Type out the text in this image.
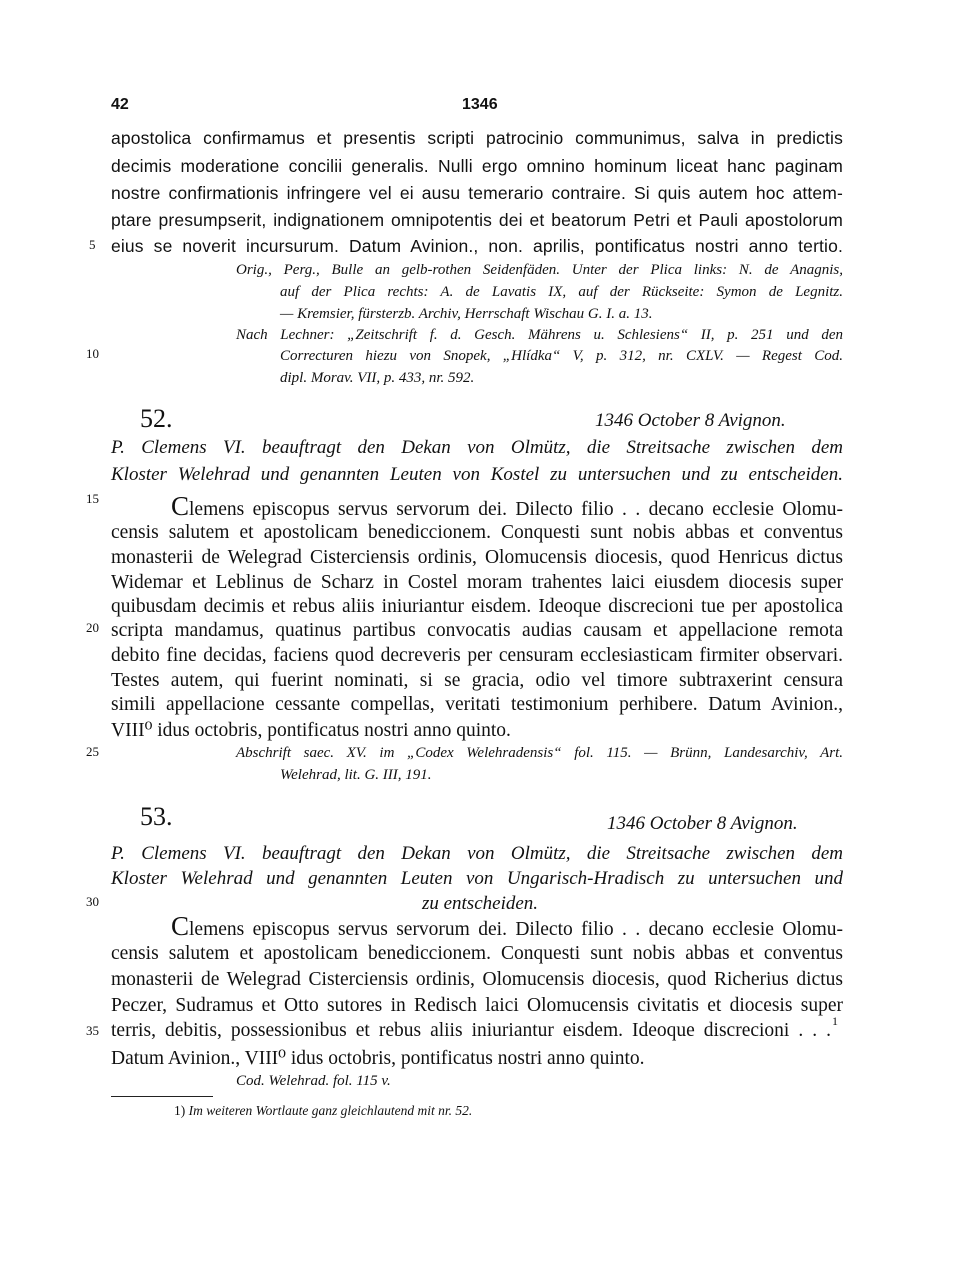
42	1346
5
10
15
20
25
30
35
apostolica confirmamus et presentis scripti patrocinio communimus, salva in predictis
decimis moderatione concilii generalis. Nulli ergo omnino hominum liceat hanc paginam
nostre confirmationis infringere vel ei ausu temerario contraire. Si quis autem hoc attem-
ptare presumpserit, indignationem omnipotentis dei et beatorum Petri et Pauli apostolorum
eius se noverit incursurum. Datum Avinion., non. aprilis, pontificatus nostri anno tertio.
Orig., Perg., Bulle an gelb-rothen Seidenfäden. Unter der Plica links: N. de Anagnis,
auf der Plica rechts: A. de Lavatis IX, auf der Rückseite: Symon de Legnitz.
— Kremsier, fürsterzb. Archiv, Herrschaft Wischau G. I. a. 13.
Nach Lechner: „Zeitschrift f. d. Gesch. Mährens u. Schlesiens“ II, p. 251 und den
Correcturen hiezu von Snopek, „Hlídka“ V, p. 312, nr. CXLV. — Regest Cod.
dipl. Morav. VII, p. 433, nr. 592.
52.	1346 October 8 Avignon.
P. Clemens VI. beauftragt den Dekan von Olmütz, die Streitsache zwischen dem
Kloster Welehrad und genannten Leuten von Kostel zu untersuchen und zu entscheiden.
Clemens episcopus servus servorum dei. Dilecto filio . . decano ecclesie Olomu-
censis salutem et apostolicam benediccionem. Conquesti sunt nobis abbas et conventus
monasterii de Welegrad Cisterciensis ordinis, Olomucensis diocesis, quod Henricus dictus
Widemar et Leblinus de Scharz in Costel moram trahentes laici eiusdem diocesis super
quibusdam decimis et rebus aliis iniuriantur eisdem. Ideoque discrecioni tue per apostolica
scripta mandamus, quatinus partibus convocatis audias causam et appellacione remota
debito fine decidas, faciens quod decreveris per censuram ecclesiasticam firmiter observari.
Testes autem, qui fuerint nominati, si se gracia, odio vel timore subtraxerint censura
simili appellacione cessante compellas, veritati testimonium perhibere. Datum Avinion.,
VIII⁰ idus octobris, pontificatus nostri anno quinto.
Abschrift saec. XV. im „Codex Welehradensis“ fol. 115. — Brünn, Landesarchiv, Art.
Welehrad, lit. G. III, 191.
53.	1346 October 8 Avignon.
P. Clemens VI. beauftragt den Dekan von Olmütz, die Streitsache zwischen dem
Kloster Welehrad und genannten Leuten von Ungarisch-Hradisch zu untersuchen und
zu entscheiden.
Clemens episcopus servus servorum dei. Dilecto filio . . decano ecclesie Olomu-
censis salutem et apostolicam benediccionem. Conquesti sunt nobis abbas et conventus
monasterii de Welegrad Cisterciensis ordinis, Olomucensis diocesis, quod Richerius dictus
Peczer, Sudramus et Otto sutores in Redisch laici Olomucensis civitatis et diocesis super
terris, debitis, possessionibus et rebus aliis iniuriantur eisdem. Ideoque discrecioni . . . 1
Datum Avinion., VIII⁰ idus octobris, pontificatus nostri anno quinto.
Cod. Welehrad. fol. 115 v.
1) Im weiteren Wortlaute ganz gleichlautend mit nr. 52.
